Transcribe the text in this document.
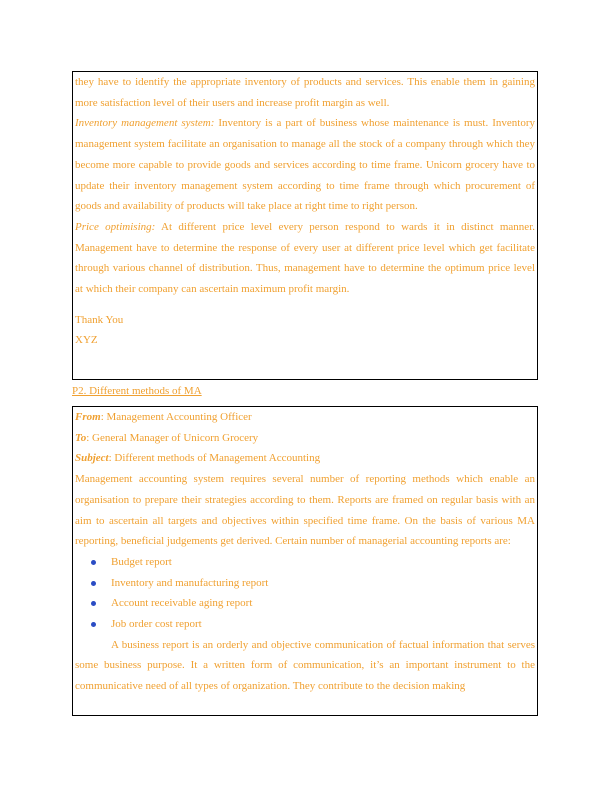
they have to identify the appropriate inventory of products and services. This enable them in gaining more satisfaction level of their users and increase profit margin as well.

Inventory management system: Inventory is a part of business whose maintenance is must. Inventory management system facilitate an organisation to manage all the stock of a company through which they become more capable to provide goods and services according to time frame. Unicorn grocery have to update their inventory management system according to time frame through which procurement of goods and availability of products will take place at right time to right person.

Price optimising: At different price level every person respond to wards it in distinct manner. Management have to determine the response of every user at different price level which get facilitate through various channel of distribution. Thus, management have to determine the optimum price level at which their company can ascertain maximum profit margin.

Thank You

XYZ

P2. Different methods of MA

From: Management Accounting Officer

To: General Manager of Unicorn Grocery

Subject: Different methods of Management Accounting

Management accounting system requires several number of reporting methods which enable an organisation to prepare their strategies according to them. Reports are framed on regular basis with an aim to ascertain all targets and objectives within specified time frame. On the basis of various MA reporting, beneficial judgements get derived. Certain number of managerial accounting reports are:

Budget report
Inventory and manufacturing report
Account receivable aging report
Job order cost report

A business report is an orderly and objective communication of factual information that serves some business purpose. It a written form of communication, it’s an important instrument to the communicative need of all types of organization. They contribute to the decision making
